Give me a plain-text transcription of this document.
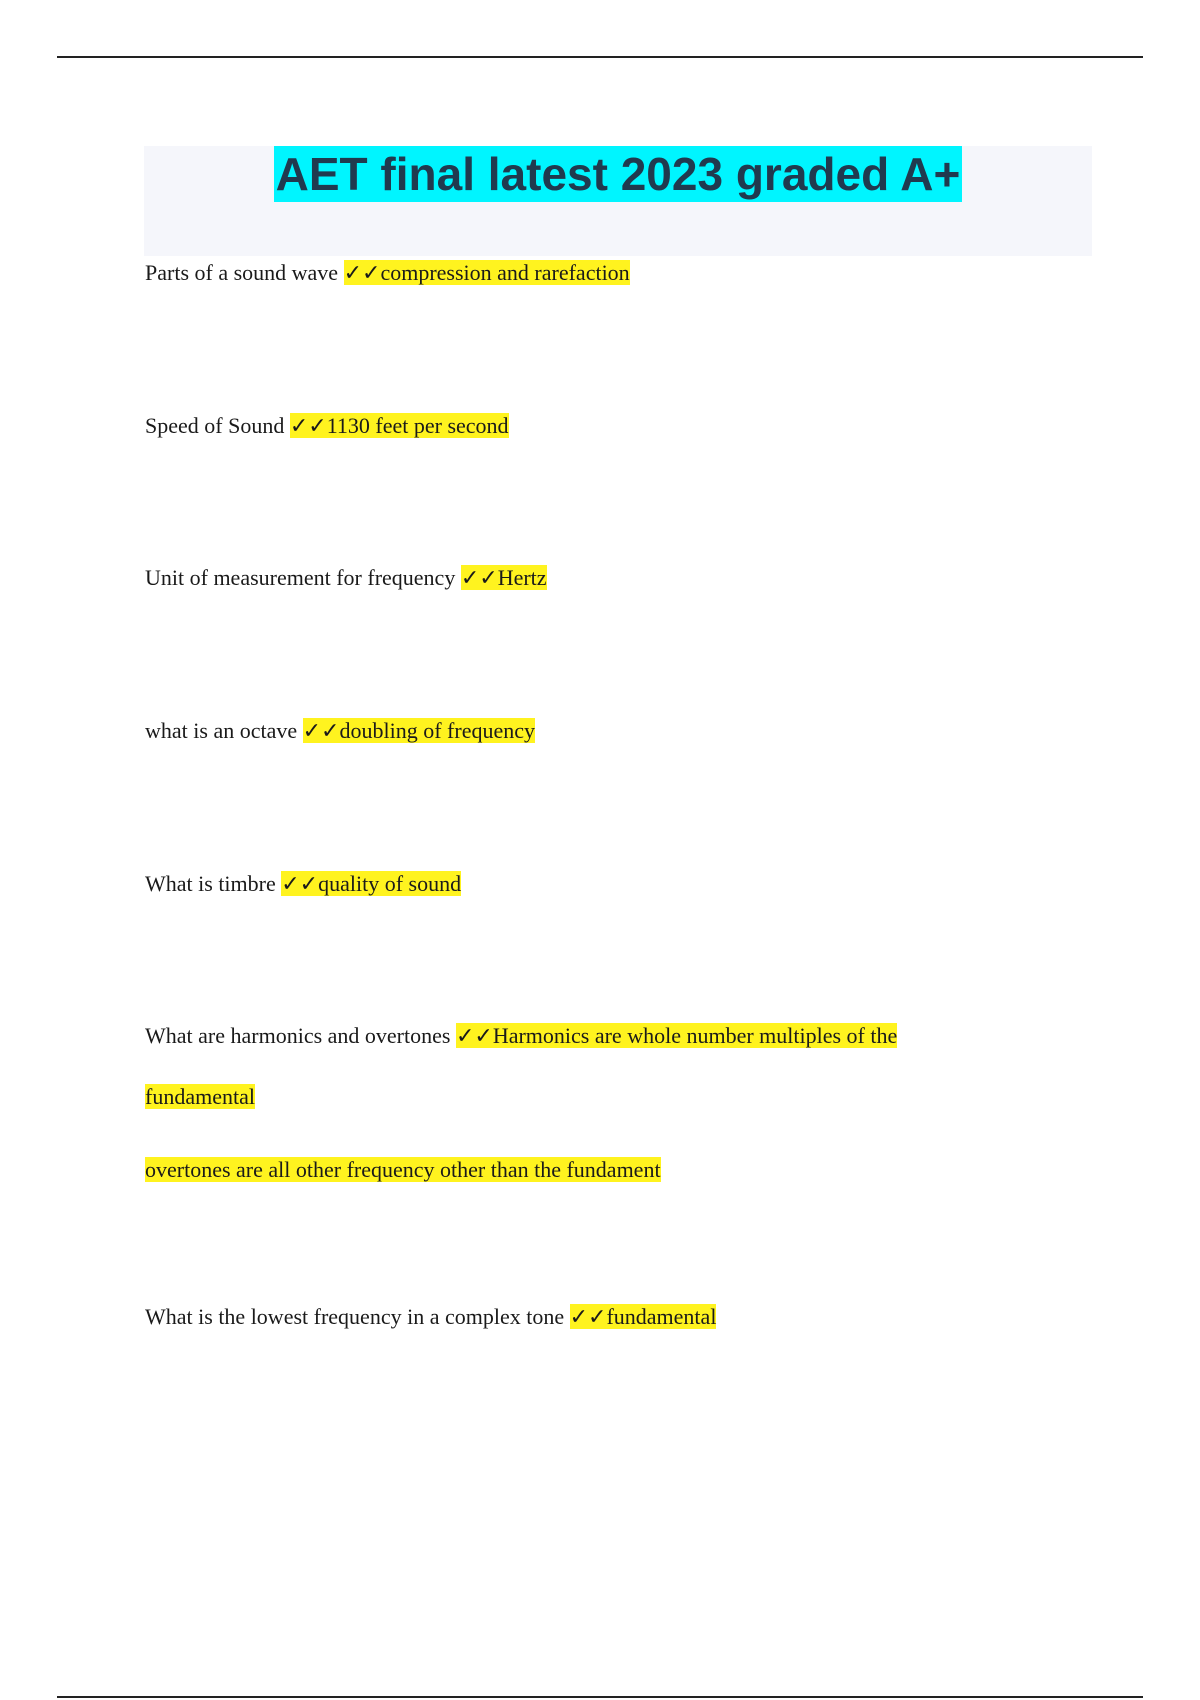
AET final latest 2023 graded A+
Parts of a sound wave ✓✓compression and rarefaction
Speed of Sound ✓✓1130 feet per second
Unit of measurement for frequency ✓✓Hertz
what is an octave ✓✓doubling of frequency
What is timbre ✓✓quality of sound
What are harmonics and overtones ✓✓Harmonics are whole number multiples of the
fundamental
overtones are all other frequency other than the fundament
What is the lowest frequency in a complex tone ✓✓fundamental
